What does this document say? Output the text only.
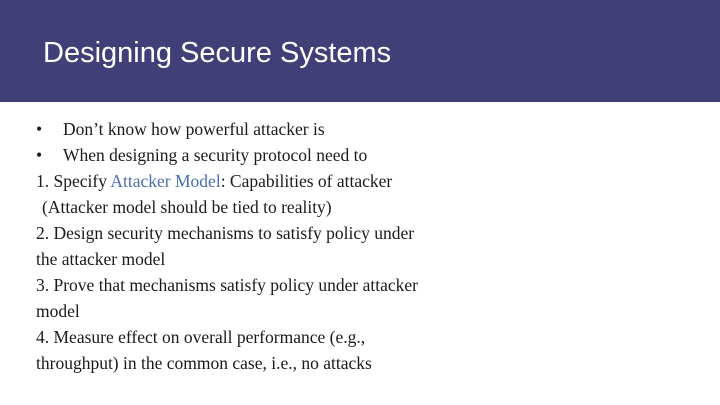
Designing Secure Systems
•	Don’t know how powerful attacker is
•	When designing a security protocol need to
1. Specify Attacker Model: Capabilities of attacker
(Attacker model should be tied to reality)
2. Design security mechanisms to satisfy policy under
the attacker model
3. Prove that mechanisms satisfy policy under attacker
model
4. Measure effect on overall performance (e.g.,
throughput) in the common case, i.e., no attacks
